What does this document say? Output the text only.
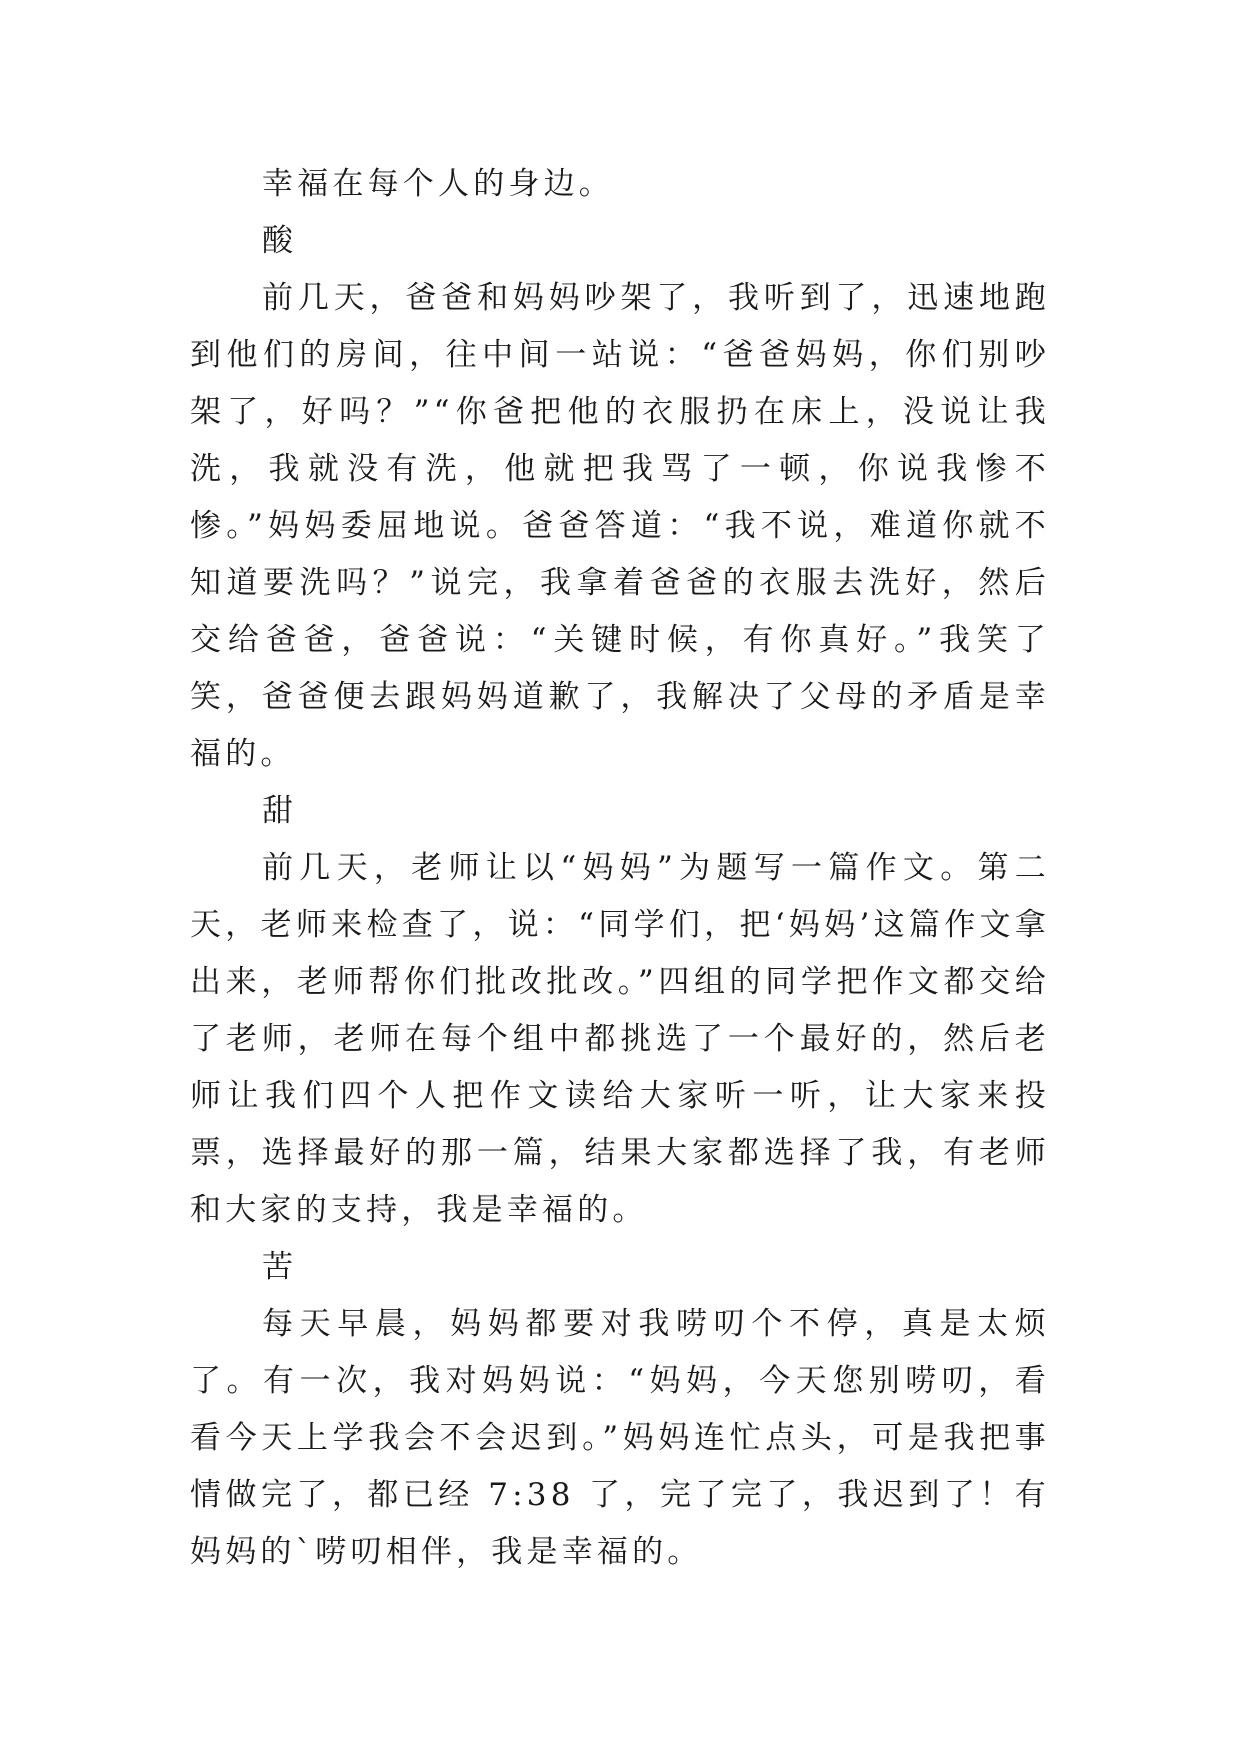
幸福在每个人的身边。

酸

前几天，爸爸和妈妈吵架了，我听到了，迅速地跑到他们的房间，往中间一站说：“爸爸妈妈，你们别吵架了，好吗？”“你爸把他的衣服扔在床上，没说让我洗，我就没有洗，他就把我骂了一顿，你说我惨不惨。”妈妈委屈地说。爸爸答道：“我不说，难道你就不知道要洗吗？”说完，我拿着爸爸的衣服去洗好，然后交给爸爸，爸爸说：“关键时候，有你真好。”我笑了笑，爸爸便去跟妈妈道歉了，我解决了父母的矛盾是幸福的。

甜

前几天，老师让以“妈妈”为题写一篇作文。第二天，老师来检查了，说：“同学们，把‘妈妈’这篇作文拿出来，老师帮你们批改批改。”四组的同学把作文都交给了老师，老师在每个组中都挑选了一个最好的，然后老师让我们四个人把作文读给大家听一听，让大家来投票，选择最好的那一篇，结果大家都选择了我，有老师和大家的支持，我是幸福的。

苦

每天早晨，妈妈都要对我唠叨个不停，真是太烦了。有一次，我对妈妈说：“妈妈，今天您别唠叨，看看今天上学我会不会迟到。”妈妈连忙点头，可是我把事情做完了，都已经 7:38 了，完了完了，我迟到了！有妈妈的`唠叨相伴，我是幸福的。
